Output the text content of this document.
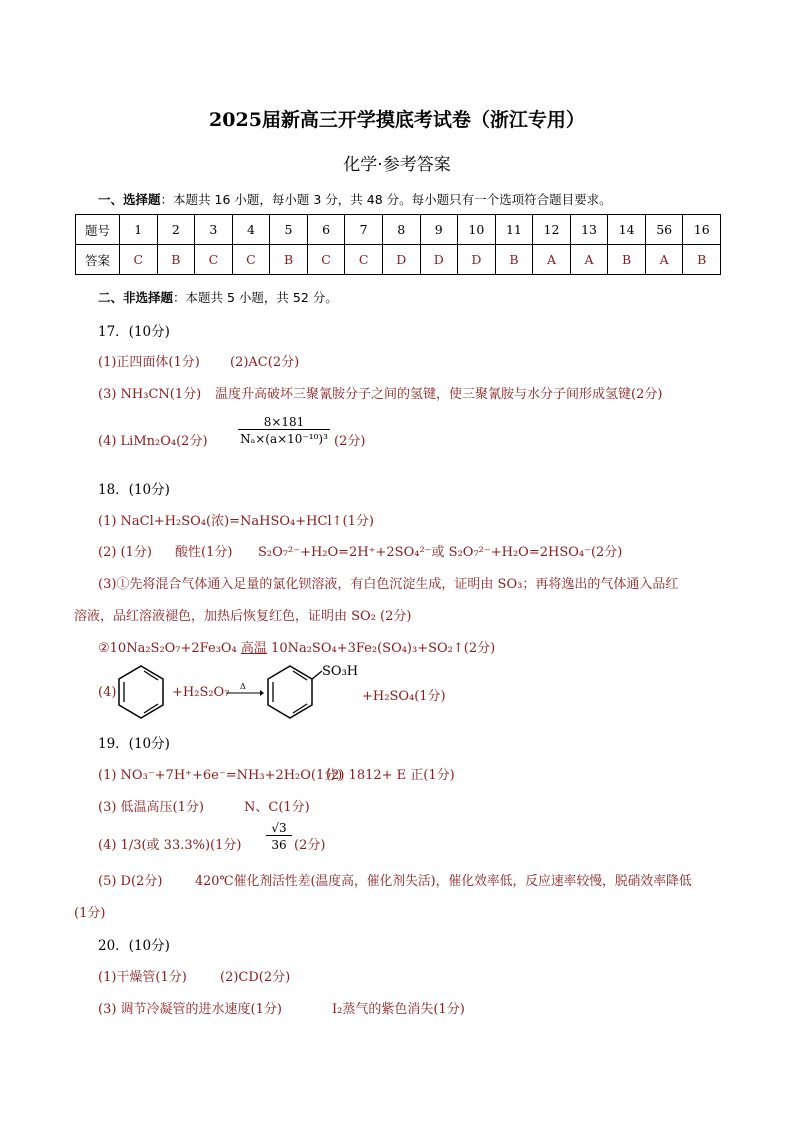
2025届新高三开学摸底考试卷（浙江专用）
化学·参考答案
一、选择题：本题共 16 小题，每小题 3 分，共 48 分。每小题只有一个选项符合题目要求。
题号	1	2	3	4	5	6	7	8	9	10	11	12	13	14	56	16
答案	C	B	C	C	B	C	C	D	D	D	B	A	A	B	A	B
二、非选择题：本题共 5 小题，共 52 分。
17．(10分)
(1)正四面体(1分) (2)AC(2分)
(3) NH₃CN(1分) 温度升高破坏三聚氰胺分子之间的氢键，使三聚氰胺与水分子间形成氢键(2分)
(4) LiMn₂O₄(2分)	$\frac{8\times 181}{\text{Nₐ×(a×10⁻¹⁰)³}} (2$分)
18．(10分)
(1) NaCl+H₂SO₄(浓)=NaHSO₄+HCl↑(1分)
(2) (1分) 酸性(1分) S₂O₇²⁻+H₂O=2H⁺+2SO₄²⁻或 S₂O₇²⁻+H₂O=2HSO₄⁻(2分)
(3)①先将混合气体通入足量的氯化钡溶液，有白色沉淀生成，证明由 SO₃；再将逸出的气体通入品红
溶液，品红溶液褪色，加热后恢复红色，证明由 SO₂ (2分)
②10Na₂S₂O₇+2Fe₃O₄ 高温 10Na₂SO₄+3Fe₂(SO₄)₃+SO₂↑(2分)
(4)	+H₂S₂O₇ Δ
SO₃H
+H₂SO₄(1分)
19．(10分)
(1) NO₃⁻+7H⁺+6e⁻=NH₃+2H₂O(1分)
(2) 1812+ E 正(1分)
(3) 低温高压(1分)	N、C(1分)
(4) 1/3(或 33.3%)(1分) $\frac{√3}{36} (2$分)
(5) D(2分)	420℃催化剂活性差(温度高，催化剂失活)，催化效率低，反应速率较慢，脱硝效率降低
(1分)
20．(10分)
(1)干燥管(1分)	(2)CD(2分)
(3) 调节冷凝管的进水速度(1分)	I₂蒸气的紫色消失(1分)
